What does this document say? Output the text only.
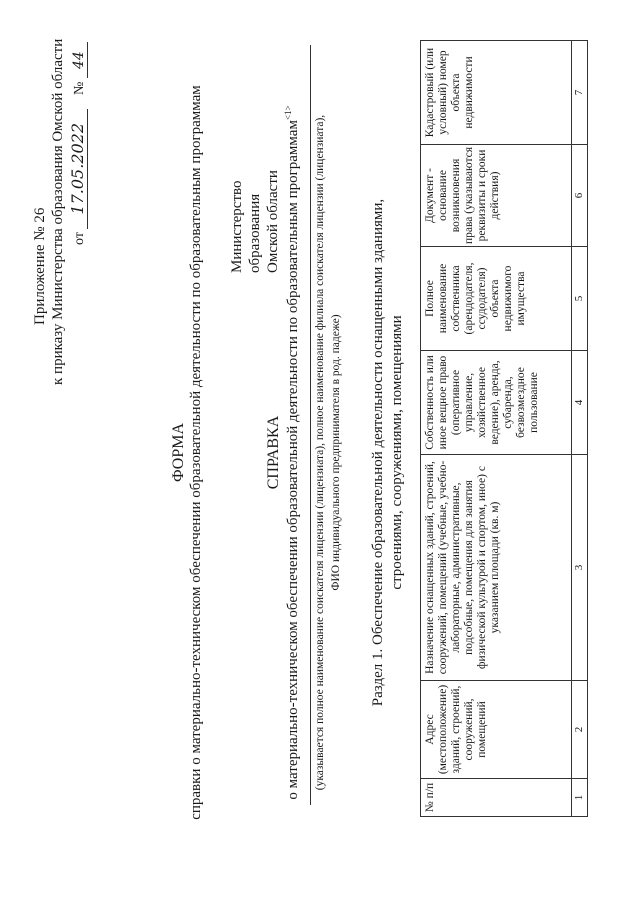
Приложение № 26 к приказу Министерства образования Омской области от 17.05.2022    № 44
ФОРМА справки о материально-техническом обеспечении образовательной деятельности по образовательным программам Министерство образования Омской области
СПРАВКА о материально-техническом обеспечении образовательной деятельности по образовательным программам$^{<1>}$
(указывается полное наименование соискателя лицензии (лицензиата), полное наименование филиала соискателя лицензии (лицензиата), ФИО индивидуального предпринимателя в род. падеже) Раздел 1. Обеспечение образовательной деятельности оснащенными зданиями, строениями, сооружениями, помещениями
№ п/п	Адрес (местоположение) зданий, строений, сооружений, помещений	Назначение оснащенных зданий, строений, сооружений, помещений (учебные, учебно-лабораторные, административные, подсобные, помещения для занятия физической культурой и спортом, иное) с указанием площади (кв. м)	Собственность или иное вещное право (оперативное управление, хозяйственное ведение), аренда, субаренда, безвозмездное пользование	Полное наименование собственника (арендодателя, ссудодателя) объекта недвижимого имущества	Документ - основание возникновения права (указываются реквизиты и сроки действия)	Кадастровый (или условный) номер объекта недвижимости
1	2	3	4	5	6	7
